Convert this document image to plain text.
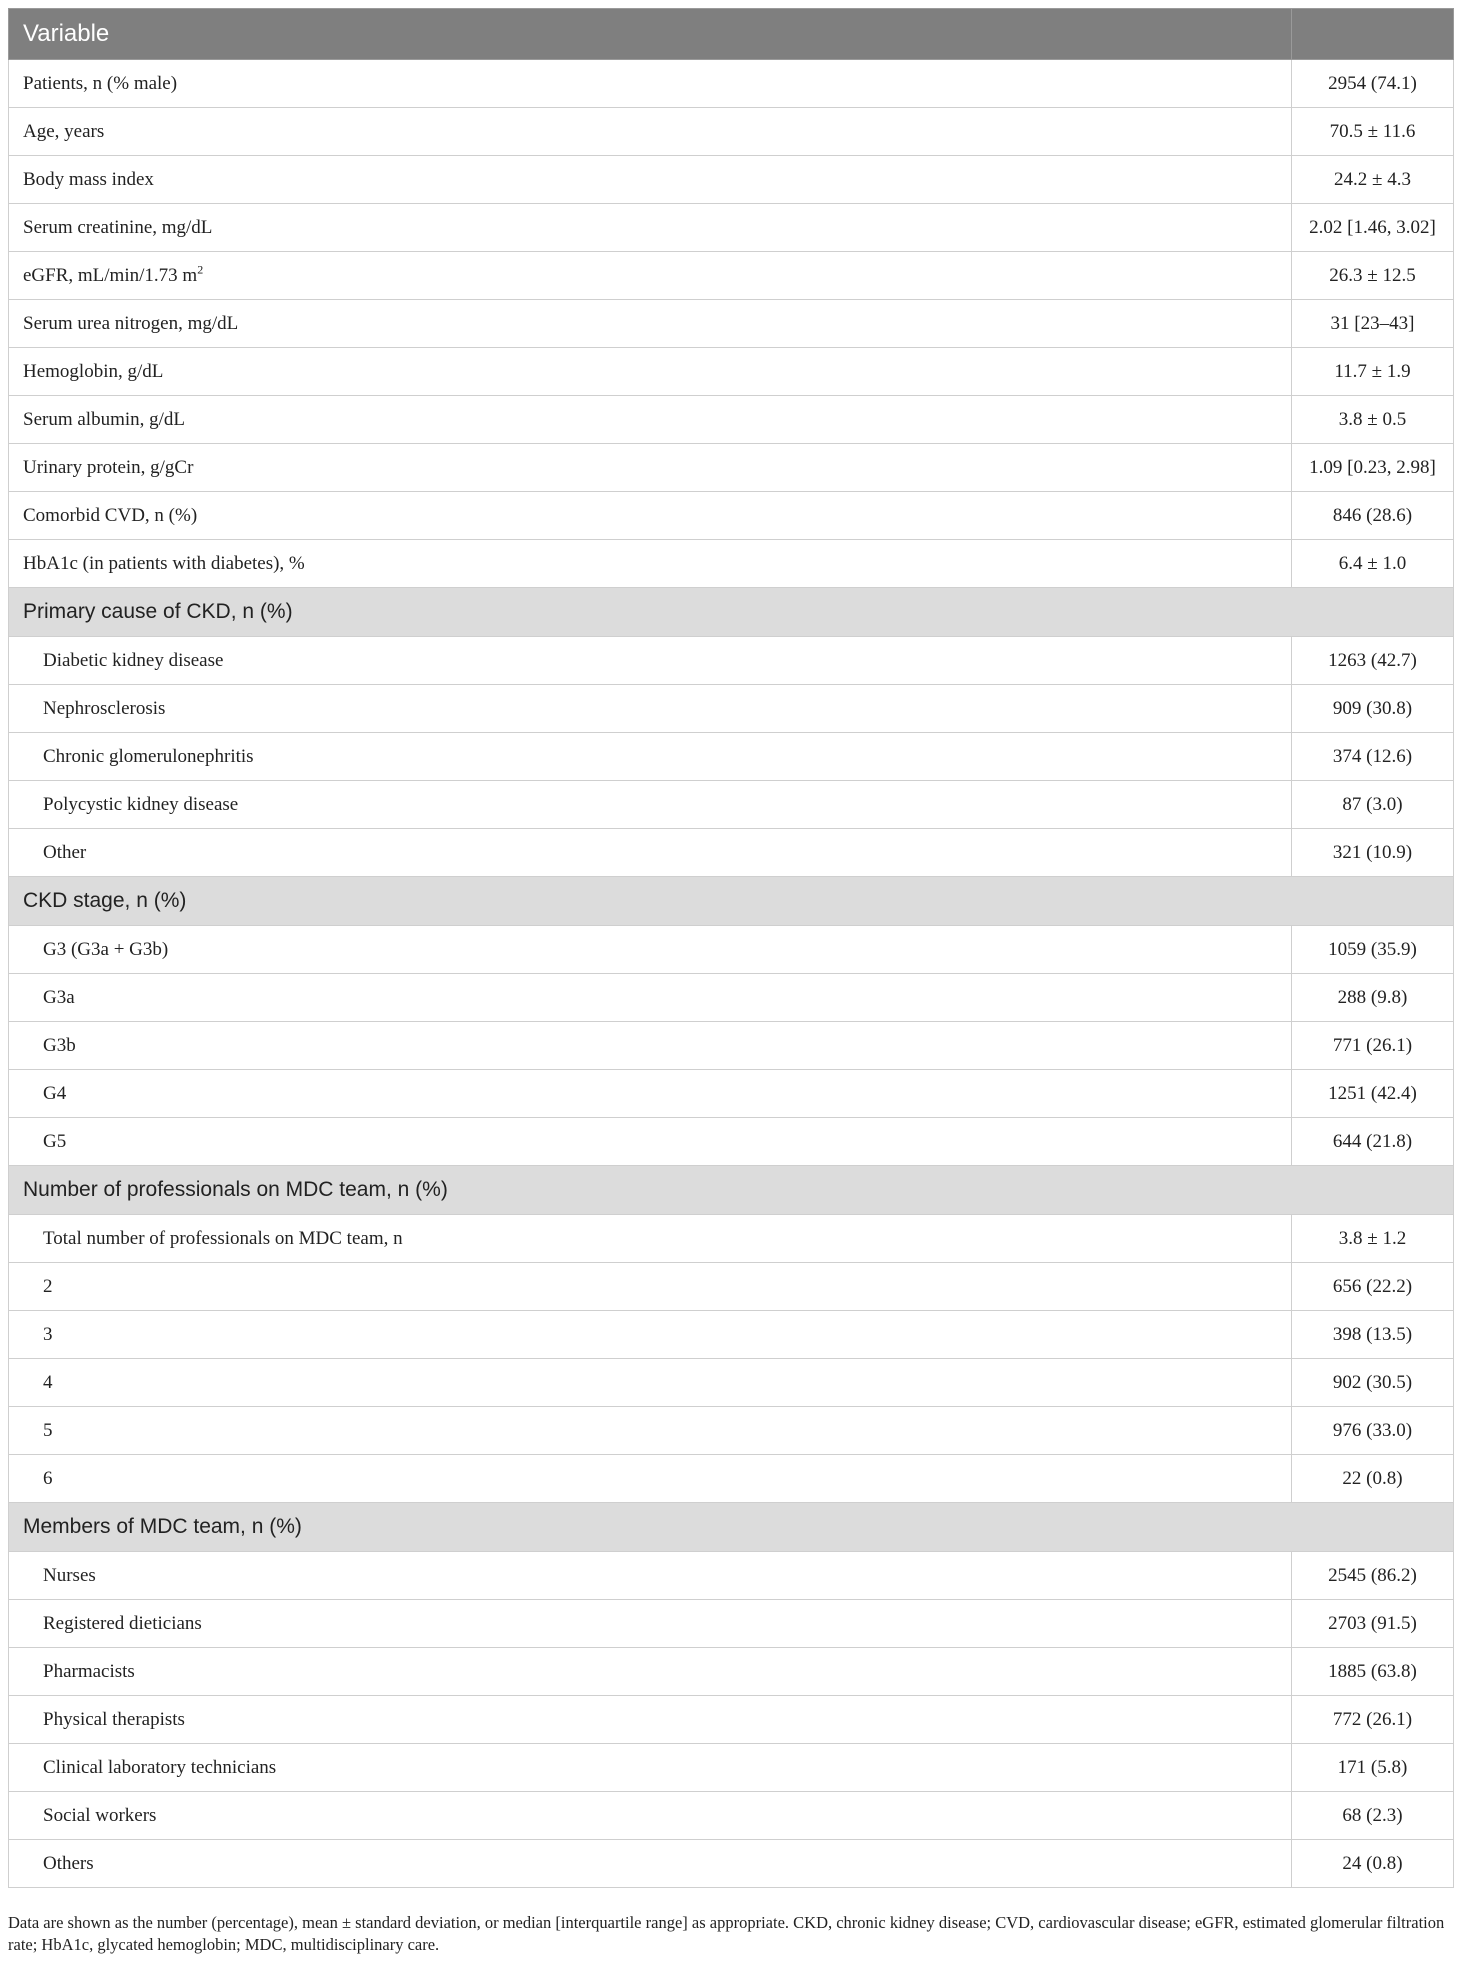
Variable	
Patients, n (% male)	2954 (74.1)
Age, years	70.5 ± 11.6
Body mass index	24.2 ± 4.3
Serum creatinine, mg/dL	2.02 [1.46, 3.02]
eGFR, mL/min/1.73 $m^2$	26.3 ± 12.5
Serum urea nitrogen, mg/dL	31 [23–43]
Hemoglobin, g/dL	11.7 ± 1.9
Serum albumin, g/dL	3.8 ± 0.5
Urinary protein, g/gCr	1.09 [0.23, 2.98]
Comorbid CVD, n (%)	846 (28.6)
HbA1c (in patients with diabetes), %	6.4 ± 1.0
Primary cause of CKD, n (%)	
Diabetic kidney disease	1263 (42.7)
Nephrosclerosis	909 (30.8)
Chronic glomerulonephritis	374 (12.6)
Polycystic kidney disease	87 (3.0)
Other	321 (10.9)
CKD stage, n (%)	
G3 (G3a + G3b)	1059 (35.9)
G3a	288 (9.8)
G3b	771 (26.1)
G4	1251 (42.4)
G5	644 (21.8)
Number of professionals on MDC team, n (%)	
Total number of professionals on MDC team, n	3.8 ± 1.2
2	656 (22.2)
3	398 (13.5)
4	902 (30.5)
5	976 (33.0)
6	22 (0.8)
Members of MDC team, n (%)	
Nurses	2545 (86.2)
Registered dieticians	2703 (91.5)
Pharmacists	1885 (63.8)
Physical therapists	772 (26.1)
Clinical laboratory technicians	171 (5.8)
Social workers	68 (2.3)
Others	24 (0.8)
Data are shown as the number (percentage), mean ± standard deviation, or median [interquartile range] as appropriate. CKD, chronic kidney disease; CVD, cardiovascular disease; eGFR, estimated glomerular filtration rate; HbA1c, glycated hemoglobin; MDC, multidisciplinary care.
